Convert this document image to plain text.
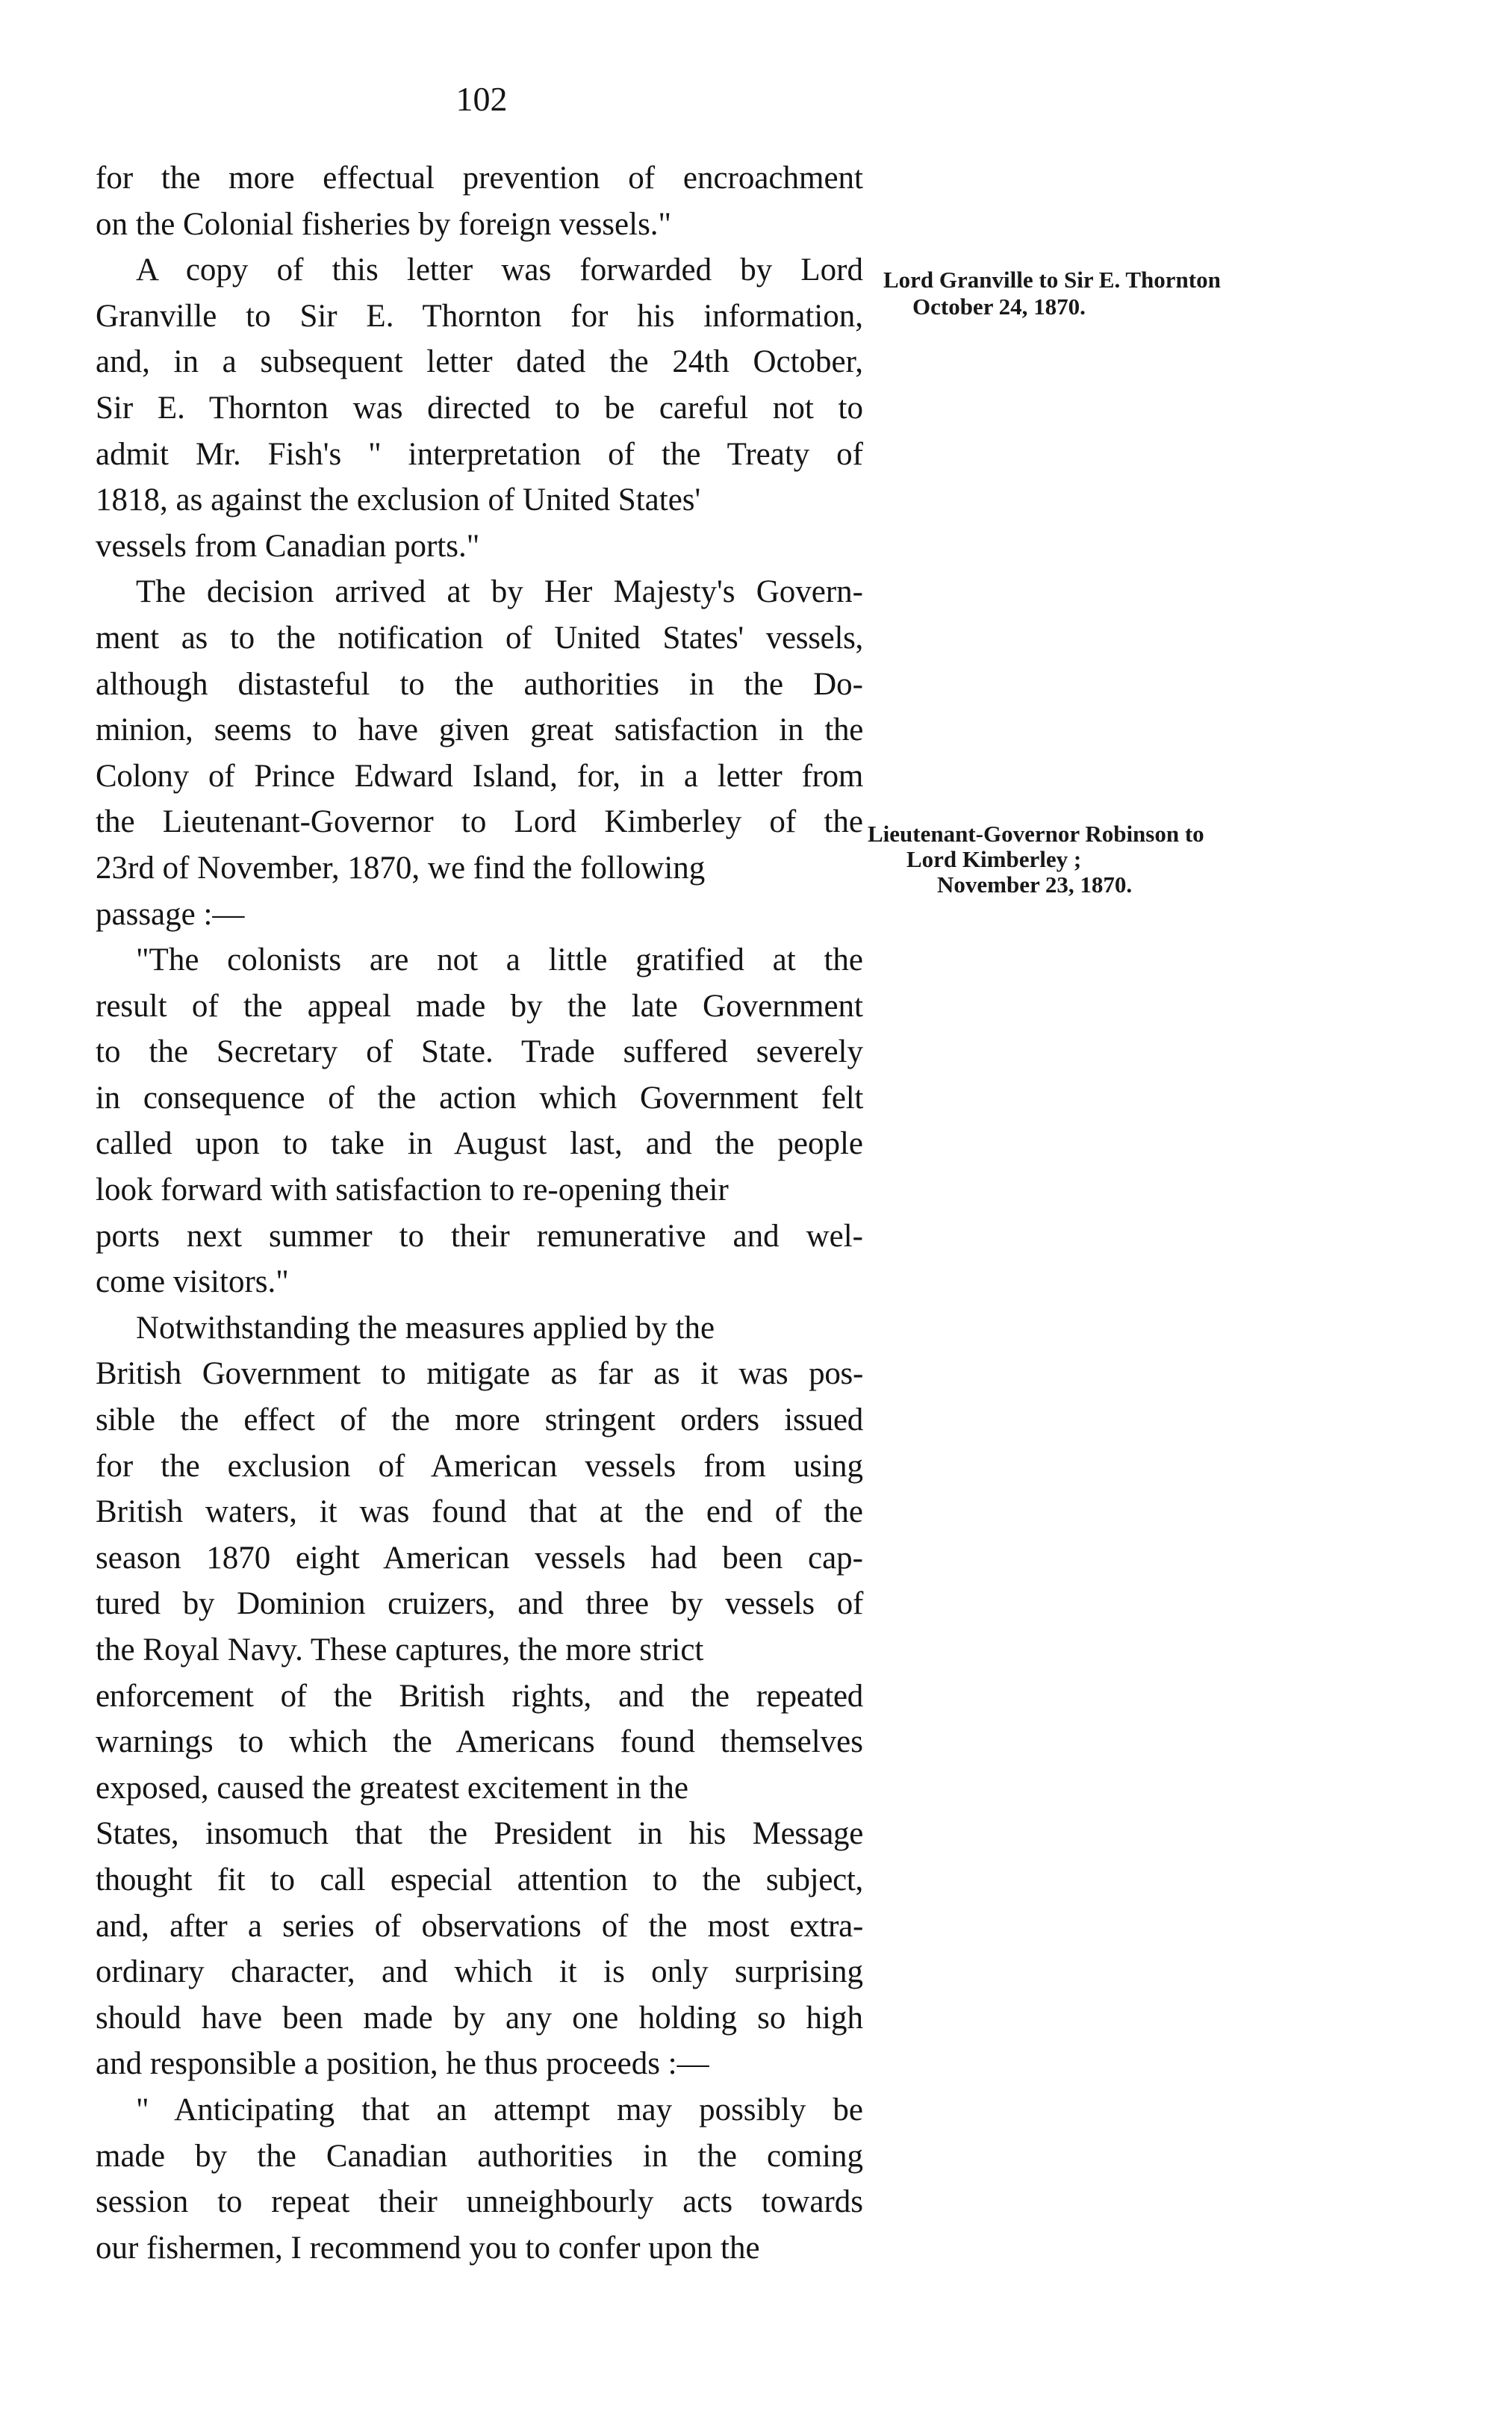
102
for the more effectual prevention of encroachment
on the Colonial fisheries by foreign vessels."
A copy of this letter was forwarded by Lord
Granville to Sir E. Thornton for his information,
and, in a subsequent letter dated the 24th October,
Sir E. Thornton was directed to be careful not to
admit Mr. Fish's " interpretation of the Treaty of
1818, as against the exclusion of United States'
vessels from Canadian ports."
The decision arrived at by Her Majesty's Govern-
ment as to the notification of United States' vessels,
although distasteful to the authorities in the Do-
minion, seems to have given great satisfaction in the
Colony of Prince Edward Island, for, in a letter from
the Lieutenant-Governor to Lord Kimberley of the
23rd of November, 1870, we find the following
passage :—
"The colonists are not a little gratified at the
result of the appeal made by the late Government
to the Secretary of State. Trade suffered severely
in consequence of the action which Government felt
called upon to take in August last, and the people
look forward with satisfaction to re-opening their
ports next summer to their remunerative and wel-
come visitors."
Notwithstanding the measures applied by the
British Government to mitigate as far as it was pos-
sible the effect of the more stringent orders issued
for the exclusion of American vessels from using
British waters, it was found that at the end of the
season 1870 eight American vessels had been cap-
tured by Dominion cruizers, and three by vessels of
the Royal Navy. These captures, the more strict
enforcement of the British rights, and the repeated
warnings to which the Americans found themselves
exposed, caused the greatest excitement in the
States, insomuch that the President in his Message
thought fit to call especial attention to the subject,
and, after a series of observations of the most extra-
ordinary character, and which it is only surprising
should have been made by any one holding so high
and responsible a position, he thus proceeds :—
" Anticipating that an attempt may possibly be
made by the Canadian authorities in the coming
session to repeat their unneighbourly acts towards
our fishermen, I recommend you to confer upon the
Lord Granville to Sir E. Thornton
October 24, 1870.
Lieutenant-Governor Robinson to
Lord Kimberley ;
November 23, 1870.
